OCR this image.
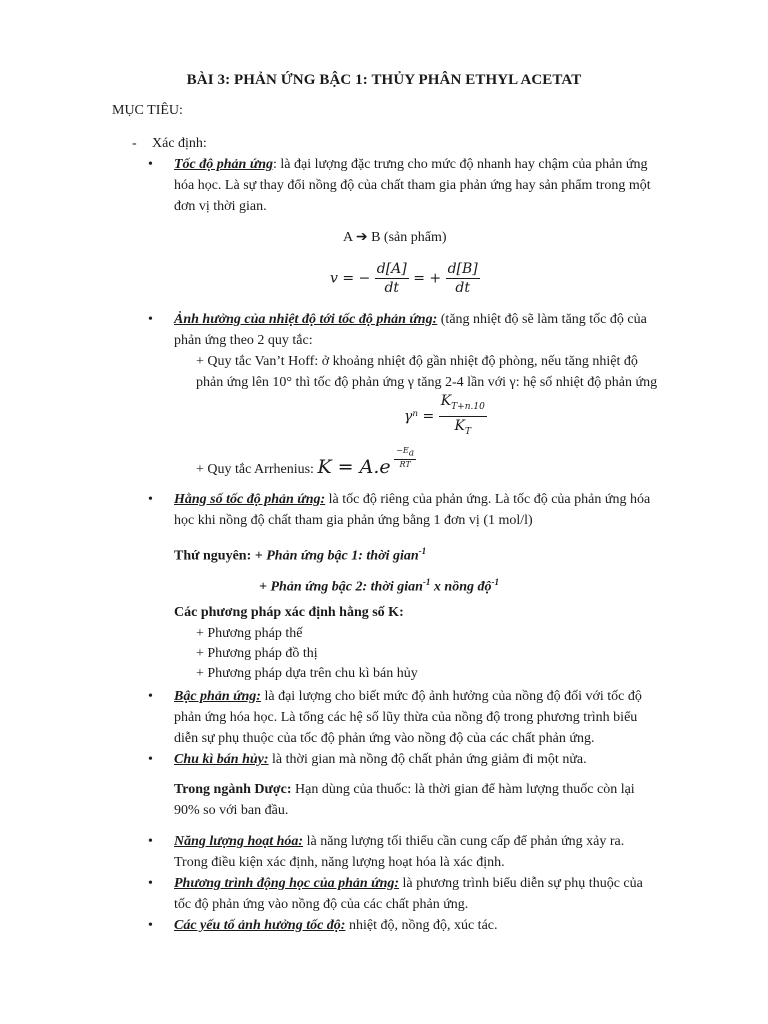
BÀI 3: PHẢN ỨNG BẬC 1: THỦY PHÂN ETHYL ACETAT
MỤC TIÊU:
- Xác định:
• Tốc độ phản ứng: là đại lượng đặc trưng cho mức độ nhanh hay chậm của phản ứng
hóa học. Là sự thay đổi nồng độ của chất tham gia phản ứng hay sản phẩm trong một
đơn vị thời gian.
A ➔ B (sản phẩm)
v = − $\frac{d[A]}{dt}$ = + $\frac{d[B]}{dt}$
• Ảnh hưởng của nhiệt độ tới tốc độ phản ứng: (tăng nhiệt độ sẽ làm tăng tốc độ của
phản ứng theo 2 quy tắc:
+ Quy tắc Van’t Hoff: ở khoảng nhiệt độ gần nhiệt độ phòng, nếu tăng nhiệt độ
phản ứng lên 10° thì tốc độ phản ứng γ tăng 2-4 lần với γ: hệ số nhiệt độ phản ứng
$\gamma^n = \frac{K_{T+n.10}}{K_T}$
+ Quy tắc Arrhenius: $K = A.e \frac{-E_a}{RT}$
• Hằng số tốc độ phản ứng: là tốc độ riêng của phản ứng. Là tốc độ của phản ứng hóa
học khi nồng độ chất tham gia phản ứng bằng 1 đơn vị (1 mol/l)
Thứ nguyên: + Phản ứng bậc 1: thời gian$^{-1}$
+ Phản ứng bậc 2: thời gian$^{-1}$ x nồng độ$^{-1}$
Các phương pháp xác định hằng số K:
+ Phương pháp thế
+ Phương pháp đồ thị
+ Phương pháp dựa trên chu kì bán hủy
• Bậc phản ứng: là đại lượng cho biết mức độ ảnh hưởng của nồng độ đối với tốc độ
phản ứng hóa học. Là tổng các hệ số lũy thừa của nồng độ trong phương trình biểu
diễn sự phụ thuộc của tốc độ phản ứng vào nồng độ của các chất phản ứng.
• Chu kì bán hủy: là thời gian mà nồng độ chất phản ứng giảm đi một nửa.
Trong ngành Dược: Hạn dùng của thuốc: là thời gian để hàm lượng thuốc còn lại
90% so với ban đầu.
• Năng lượng hoạt hóa: là năng lượng tối thiểu cần cung cấp để phản ứng xảy ra.
Trong điều kiện xác định, năng lượng hoạt hóa là xác định.
• Phương trình động học của phản ứng: là phương trình biểu diễn sự phụ thuộc của
tốc độ phản ứng vào nồng độ của các chất phản ứng.
• Các yếu tố ảnh hưởng tốc độ: nhiệt độ, nồng độ, xúc tác.
